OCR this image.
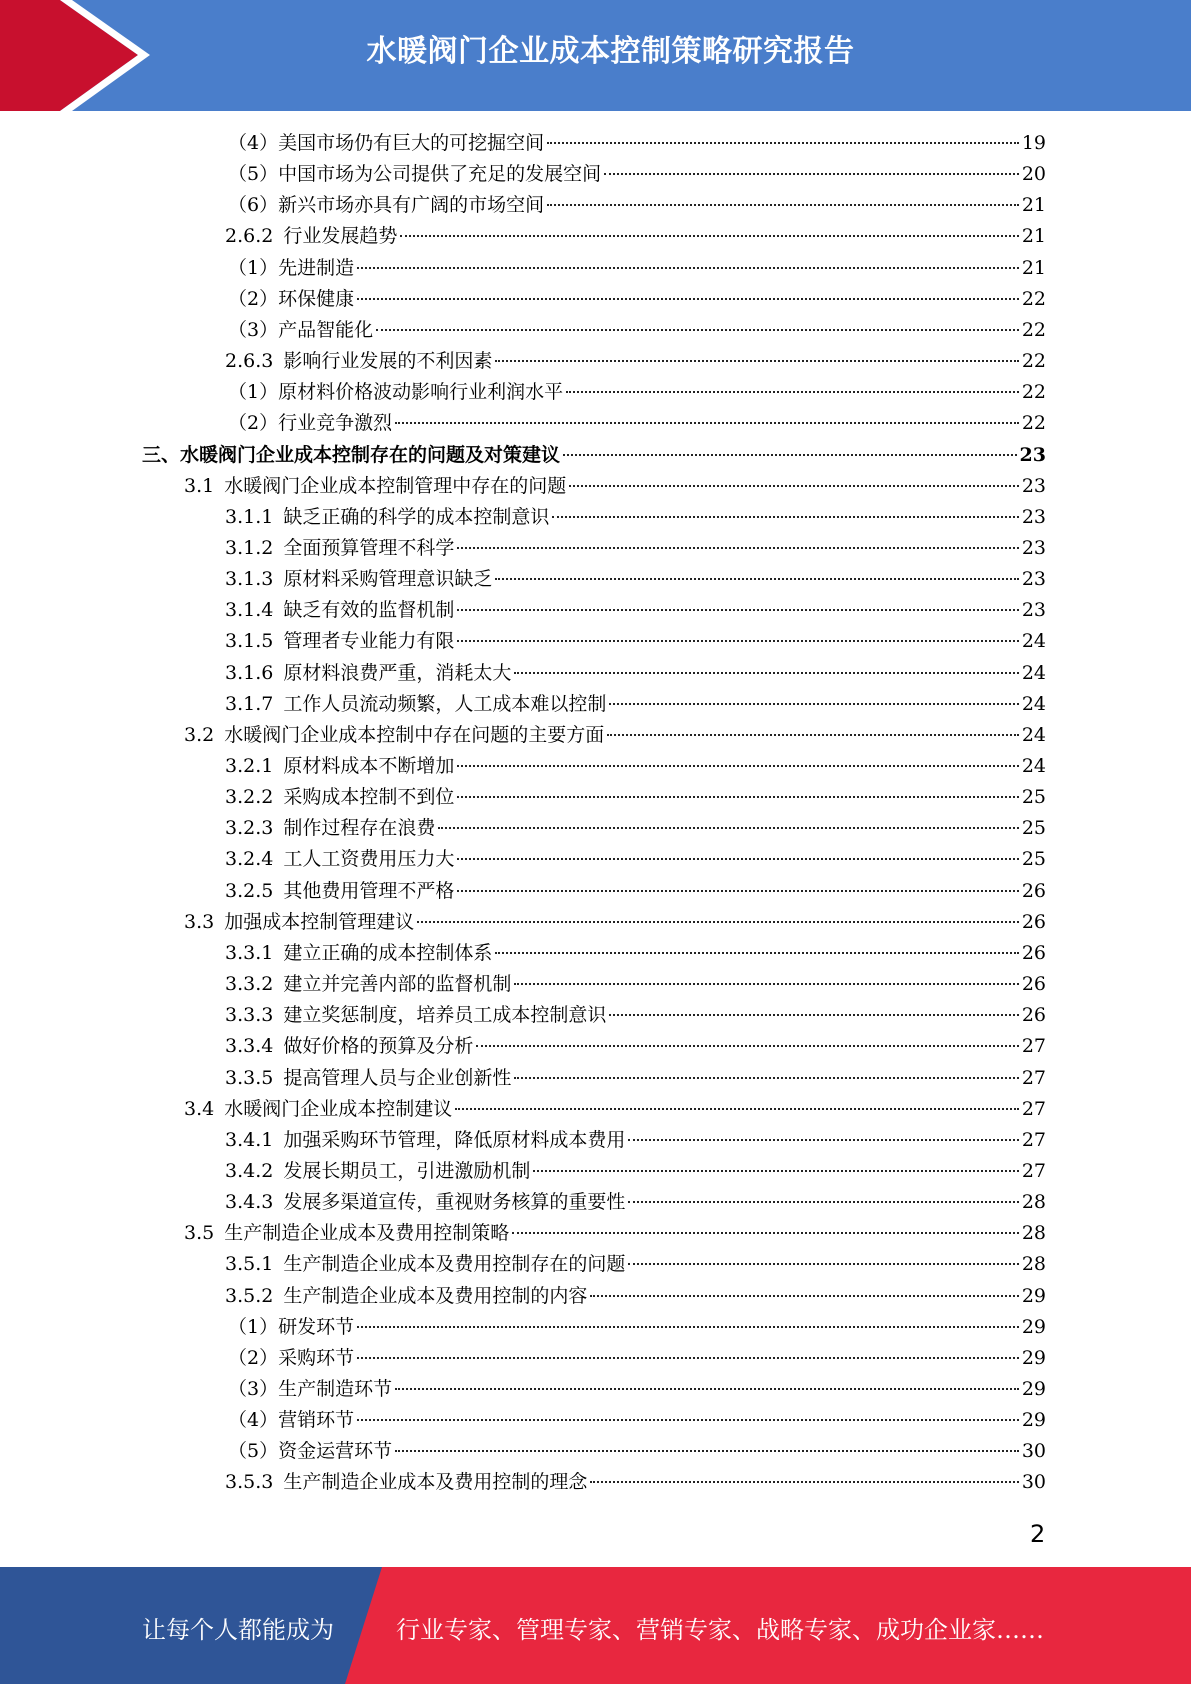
水暖阀门企业成本控制策略研究报告
（4） 美国市场仍有巨大的可挖掘空间	19
（5） 中国市场为公司提供了充足的发展空间	20
（6） 新兴市场亦具有广阔的市场空间	21
2.6.2 行业发展趋势	21
（1） 先进制造	21
（2） 环保健康	22
（3） 产品智能化	22
2.6.3 影响行业发展的不利因素	22
（1） 原材料价格波动影响行业利润水平	22
（2） 行业竞争激烈	22
三、水暖阀门企业成本控制存在的问题及对策建议	23
3.1 水暖阀门企业成本控制管理中存在的问题	23
3.1.1 缺乏正确的科学的成本控制意识	23
3.1.2 全面预算管理不科学	23
3.1.3 原材料采购管理意识缺乏	23
3.1.4 缺乏有效的监督机制	23
3.1.5 管理者专业能力有限	24
3.1.6 原材料浪费严重，消耗太大	24
3.1.7 工作人员流动频繁，人工成本难以控制	24
3.2 水暖阀门企业成本控制中存在问题的主要方面	24
3.2.1 原材料成本不断增加	24
3.2.2 采购成本控制不到位	25
3.2.3 制作过程存在浪费	25
3.2.4 工人工资费用压力大	25
3.2.5 其他费用管理不严格	26
3.3 加强成本控制管理建议	26
3.3.1 建立正确的成本控制体系	26
3.3.2 建立并完善内部的监督机制	26
3.3.3 建立奖惩制度，培养员工成本控制意识	26
3.3.4 做好价格的预算及分析	27
3.3.5 提高管理人员与企业创新性	27
3.4 水暖阀门企业成本控制建议	27
3.4.1 加强采购环节管理，降低原材料成本费用	27
3.4.2 发展长期员工，引进激励机制	27
3.4.3 发展多渠道宣传，重视财务核算的重要性	28
3.5 生产制造企业成本及费用控制策略	28
3.5.1 生产制造企业成本及费用控制存在的问题	28
3.5.2 生产制造企业成本及费用控制的内容	29
（1） 研发环节	29
（2） 采购环节	29
（3） 生产制造环节	29
（4） 营销环节	29
（5） 资金运营环节	30
3.5.3 生产制造企业成本及费用控制的理念	30
2
让每个人都能成为	行业专家、管理专家、营销专家、战略专家、成功企业家……
